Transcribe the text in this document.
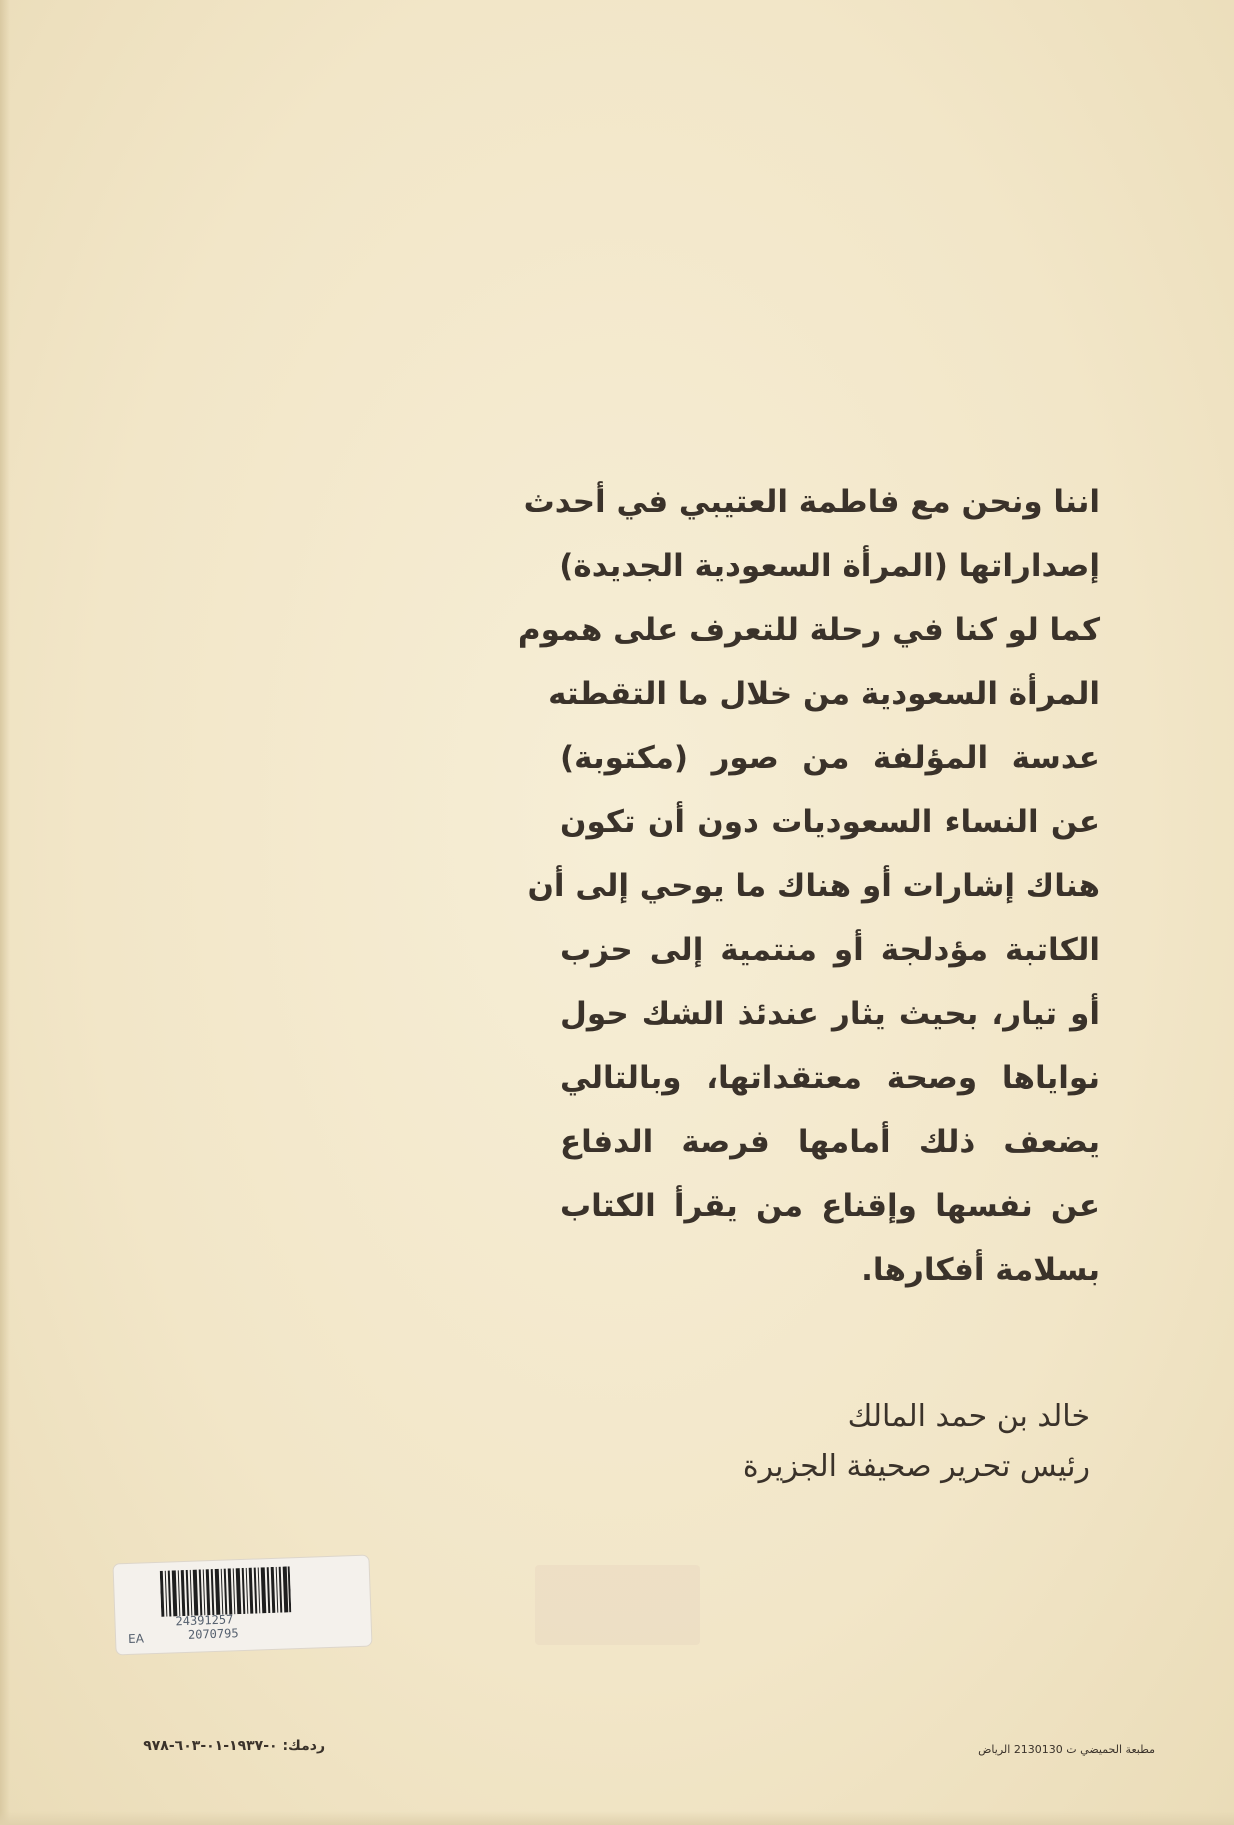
اننا ونحن مع فاطمة العتيبي في أحدث
إصداراتها (المرأة السعودية الجديدة)
كما لو كنا في رحلة للتعرف على هموم
المرأة السعودية من خلال ما التقطته
عدسة المؤلفة من صور (مكتوبة)
عن النساء السعوديات دون أن تكون
هناك إشارات أو هناك ما يوحي إلى أن
الكاتبة مؤدلجة أو منتمية إلى حزب
أو تيار، بحيث يثار عندئذ الشك حول
نواياها وصحة معتقداتها، وبالتالي
يضعف ذلك أمامها فرصة الدفاع
عن نفسها وإقناع من يقرأ الكتاب
بسلامة أفكارها.
خالد بن حمد المالك
رئيس تحرير صحيفة الجزيرة
24391257
EA	2070795
مطبعة الحميضي ت 2130130 الرياض
ردمك: ٠-١٩٣٧-٠١-٦٠٣-٩٧٨
